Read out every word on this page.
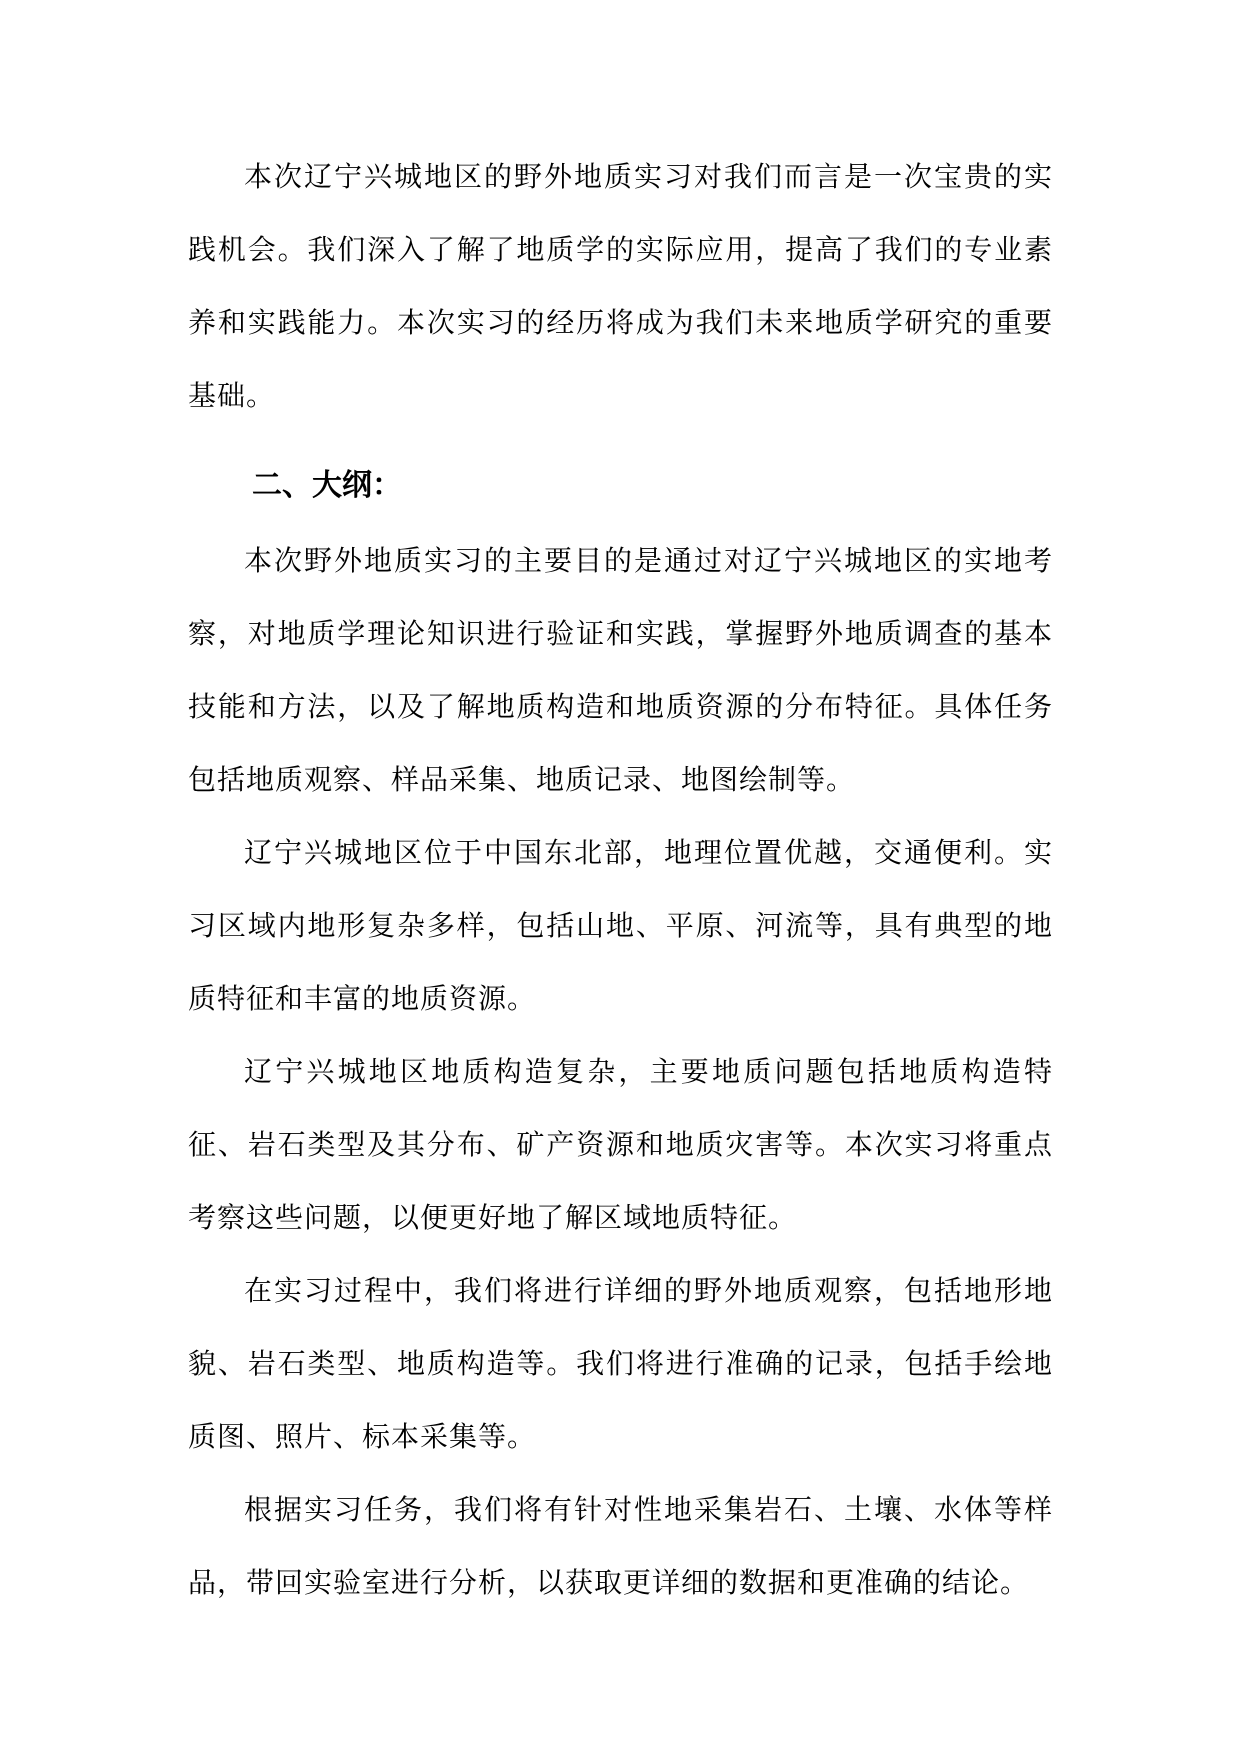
本次辽宁兴城地区的野外地质实习对我们而言是一次宝贵的实践机会。我们深入了解了地质学的实际应用，提高了我们的专业素养和实践能力。本次实习的经历将成为我们未来地质学研究的重要基础。

二、大纲：

本次野外地质实习的主要目的是通过对辽宁兴城地区的实地考察，对地质学理论知识进行验证和实践，掌握野外地质调查的基本技能和方法，以及了解地质构造和地质资源的分布特征。具体任务包括地质观察、样品采集、地质记录、地图绘制等。

辽宁兴城地区位于中国东北部，地理位置优越，交通便利。实习区域内地形复杂多样，包括山地、平原、河流等，具有典型的地质特征和丰富的地质资源。

辽宁兴城地区地质构造复杂，主要地质问题包括地质构造特征、岩石类型及其分布、矿产资源和地质灾害等。本次实习将重点考察这些问题，以便更好地了解区域地质特征。

在实习过程中，我们将进行详细的野外地质观察，包括地形地貌、岩石类型、地质构造等。我们将进行准确的记录，包括手绘地质图、照片、标本采集等。

根据实习任务，我们将有针对性地采集岩石、土壤、水体等样品，带回实验室进行分析，以获取更详细的数据和更准确的结论。
